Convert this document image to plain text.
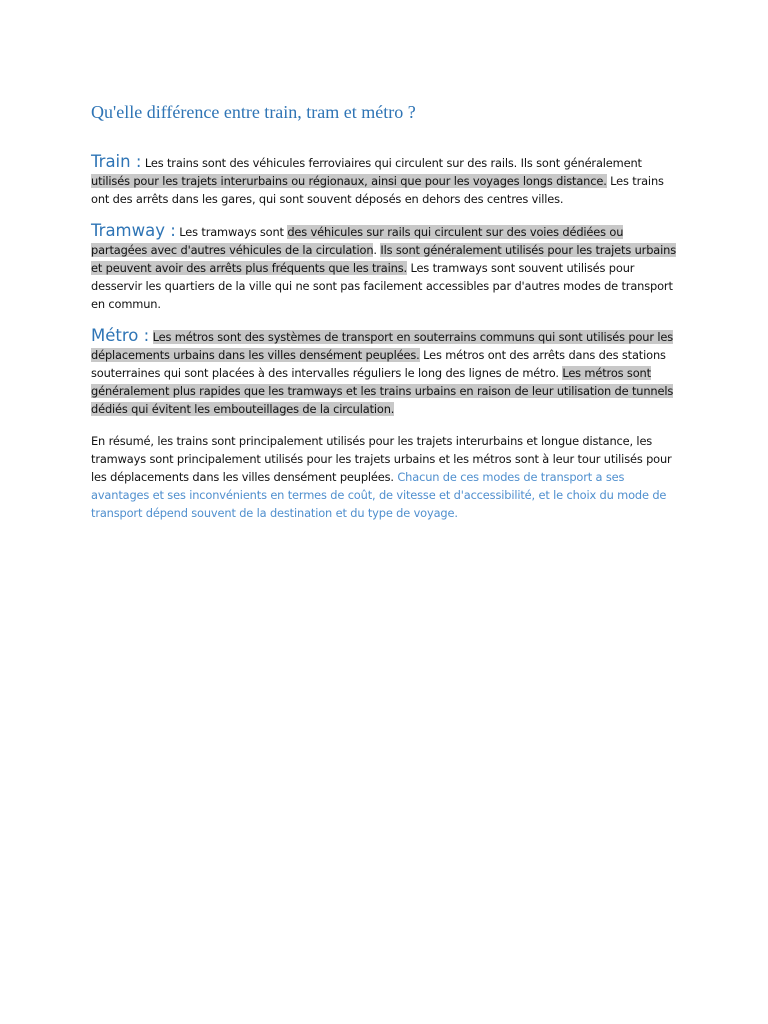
Qu'elle différence entre train, tram et métro ?

Train : Les trains sont des véhicules ferroviaires qui circulent sur des rails. Ils sont généralement utilisés pour les trajets interurbains ou régionaux, ainsi que pour les voyages longs distance. Les trains ont des arrêts dans les gares, qui sont souvent déposés en dehors des centres villes.

Tramway : Les tramways sont des véhicules sur rails qui circulent sur des voies dédiées ou partagées avec d'autres véhicules de la circulation. Ils sont généralement utilisés pour les trajets urbains et peuvent avoir des arrêts plus fréquents que les trains. Les tramways sont souvent utilisés pour desservir les quartiers de la ville qui ne sont pas facilement accessibles par d'autres modes de transport en commun.

Métro : Les métros sont des systèmes de transport en souterrains communs qui sont utilisés pour les déplacements urbains dans les villes densément peuplées. Les métros ont des arrêts dans des stations souterraines qui sont placées à des intervalles réguliers le long des lignes de métro. Les métros sont généralement plus rapides que les tramways et les trains urbains en raison de leur utilisation de tunnels dédiés qui évitent les embouteillages de la circulation.

En résumé, les trains sont principalement utilisés pour les trajets interurbains et longue distance, les tramways sont principalement utilisés pour les trajets urbains et les métros sont à leur tour utilisés pour les déplacements dans les villes densément peuplées. Chacun de ces modes de transport a ses avantages et ses inconvénients en termes de coût, de vitesse et d'accessibilité, et le choix du mode de transport dépend souvent de la destination et du type de voyage.
